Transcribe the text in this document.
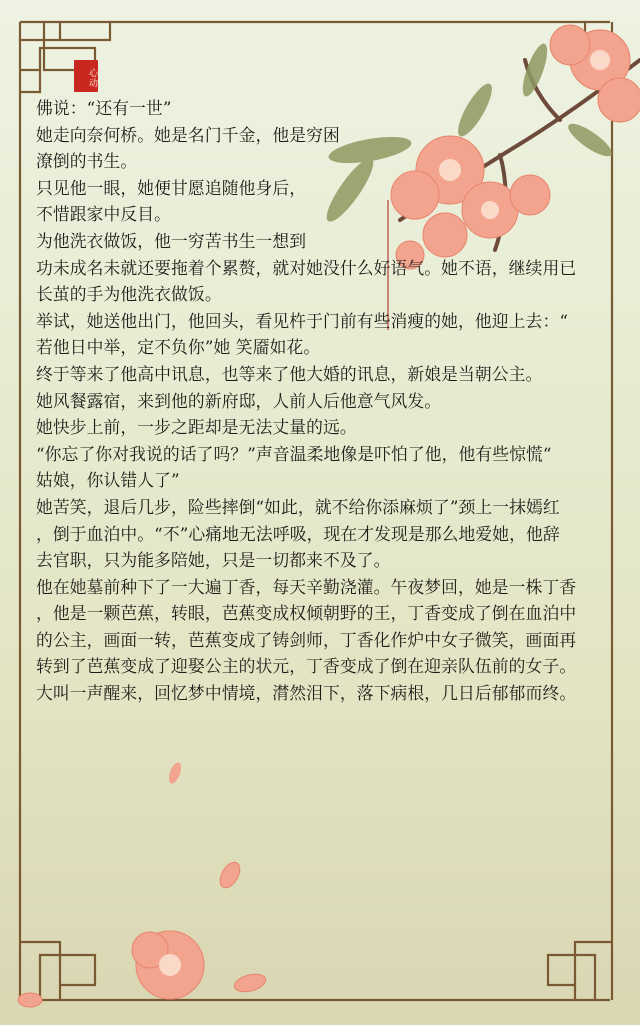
心动
佛说：“还有一世”
她走向奈何桥。她是名门千金，他是穷困
潦倒的书生。
只见他一眼，她便甘愿追随他身后，
不惜跟家中反目。
为他洗衣做饭，他一穷苦书生一想到
功未成名未就还要拖着个累赘，就对她没什么好语气。她不语，继续用已
长茧的手为他洗衣做饭。
举试，她送他出门，他回头，看见杵于门前有些消瘦的她，他迎上去：“
若他日中举，定不负你”她 笑靥如花。
终于等来了他高中讯息，也等来了他大婚的讯息，新娘是当朝公主。
她风餐露宿，来到他的新府邸，人前人后他意气风发。
她快步上前，一步之距却是无法丈量的远。
“你忘了你对我说的话了吗？”声音温柔地像是吓怕了他，他有些惊慌“
姑娘，你认错人了”
她苦笑，退后几步，险些摔倒“如此，就不给你添麻烦了”颈上一抹嫣红
，倒于血泊中。“不”心痛地无法呼吸，现在才发现是那么地爱她，他辞
去官职，只为能多陪她，只是一切都来不及了。
他在她墓前种下了一大遍丁香，每天辛勤浇灌。午夜梦回，她是一株丁香
，他是一颗芭蕉，转眼，芭蕉变成权倾朝野的王，丁香变成了倒在血泊中
的公主，画面一转，芭蕉变成了铸剑师，丁香化作炉中女子微笑，画面再
转到了芭蕉变成了迎娶公主的状元，丁香变成了倒在迎亲队伍前的女子。
大叫一声醒来，回忆梦中情境，潸然泪下，落下病根，几日后郁郁而终。
